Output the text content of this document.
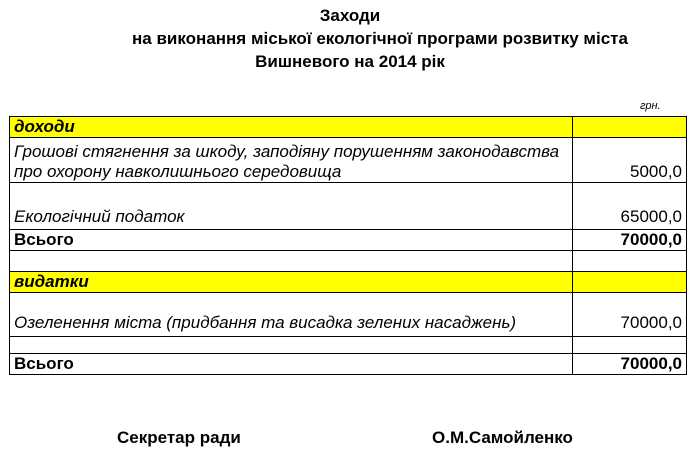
Заходи
на виконання міської екологічної програми розвитку міста
Вишневого на 2014 рік
грн.
доходи	
Грошові стягнення за шкоду, заподіяну порушенням законодавства про охорону навколишнього середовища	5000,0
Екологічний податок	65000,0
Всього	70000,0

видатки	
Озеленення міста (придбання та висадка зелених насаджень)	70000,0

Всього	70000,0
Секретар ради	О.М.Самойленко
